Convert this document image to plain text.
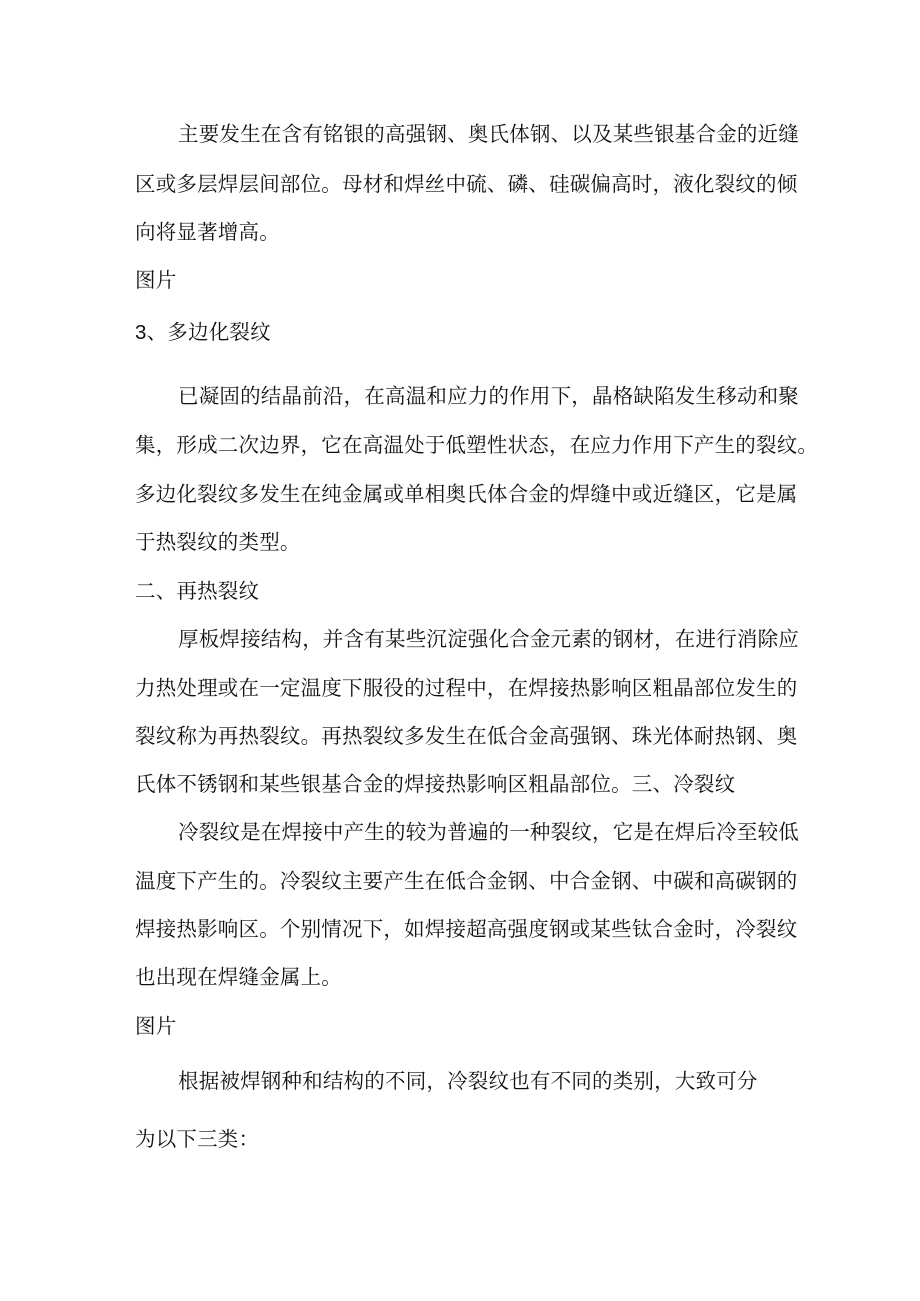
主要发生在含有铭银的高强钢、奥氏体钢、以及某些银基合金的近缝
区或多层焊层间部位。母材和焊丝中硫、磷、硅碳偏高时，液化裂纹的倾
向将显著增高。
图片
3、多边化裂纹
已凝固的结晶前沿，在高温和应力的作用下，晶格缺陷发生移动和聚
集，形成二次边界，它在高温处于低塑性状态，在应力作用下产生的裂纹。
多边化裂纹多发生在纯金属或单相奥氏体合金的焊缝中或近缝区，它是属
于热裂纹的类型。
二、再热裂纹
厚板焊接结构，并含有某些沉淀强化合金元素的钢材，在进行消除应
力热处理或在一定温度下服役的过程中，在焊接热影响区粗晶部位发生的
裂纹称为再热裂纹。再热裂纹多发生在低合金高强钢、珠光体耐热钢、奥
氏体不锈钢和某些银基合金的焊接热影响区粗晶部位。三、冷裂纹
冷裂纹是在焊接中产生的较为普遍的一种裂纹，它是在焊后冷至较低
温度下产生的。冷裂纹主要产生在低合金钢、中合金钢、中碳和高碳钢的
焊接热影响区。个别情况下，如焊接超高强度钢或某些钛合金时，冷裂纹
也出现在焊缝金属上。
图片
根据被焊钢种和结构的不同，冷裂纹也有不同的类别，大致可分
为以下三类：
